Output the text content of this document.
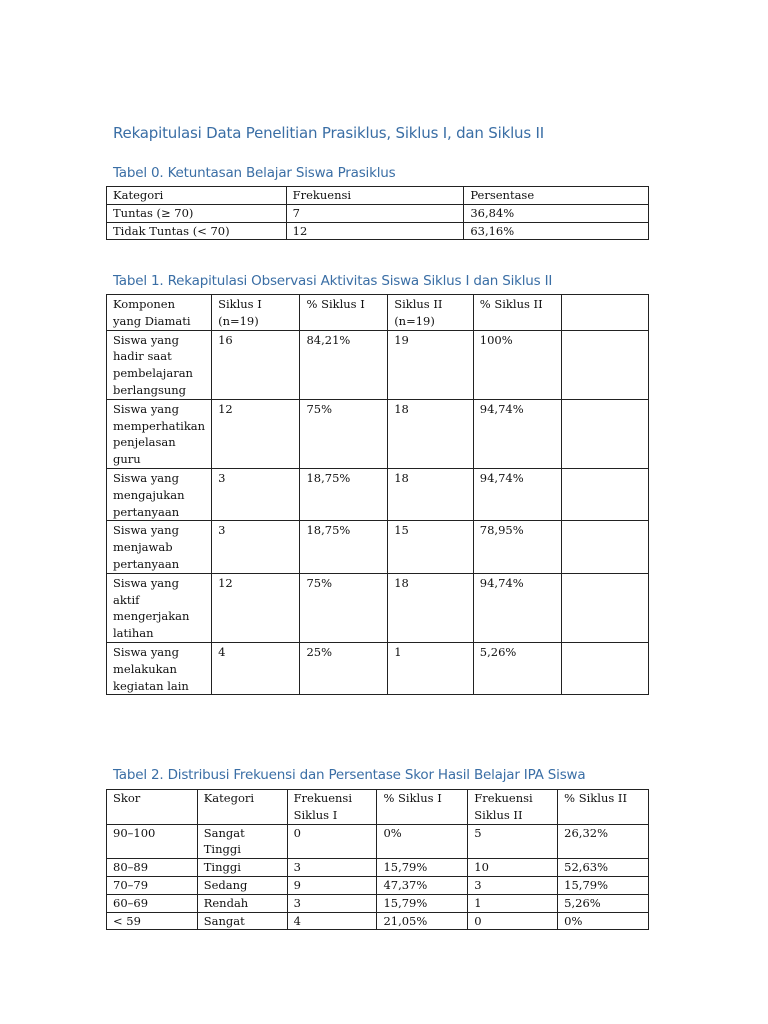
Rekapitulasi Data Penelitian Prasiklus, Siklus I, dan Siklus II
Tabel 0. Ketuntasan Belajar Siswa Prasiklus
Kategori	Frekuensi	Persentase
Tuntas (≥ 70)	7	36,84%
Tidak Tuntas (< 70)	12	63,16%
Tabel 1. Rekapitulasi Observasi Aktivitas Siswa Siklus I dan Siklus II
Komponen yang Diamati	Siklus I (n=19)	% Siklus I	Siklus II (n=19)	% Siklus II	
Siswa yang hadir saat pembelajaran berlangsung	16	84,21%	19	100%	
Siswa yang memperhatikan penjelasan guru	12	75%	18	94,74%	
Siswa yang mengajukan pertanyaan	3	18,75%	18	94,74%	
Siswa yang menjawab pertanyaan	3	18,75%	15	78,95%	
Siswa yang aktif mengerjakan latihan	12	75%	18	94,74%	
Siswa yang melakukan kegiatan lain	4	25%	1	5,26%	
Tabel 2. Distribusi Frekuensi dan Persentase Skor Hasil Belajar IPA Siswa
Skor	Kategori	Frekuensi Siklus I	% Siklus I	Frekuensi Siklus II	% Siklus II
90–100	Sangat Tinggi	0	0%	5	26,32%
80–89	Tinggi	3	15,79%	10	52,63%
70–79	Sedang	9	47,37%	3	15,79%
60–69	Rendah	3	15,79%	1	5,26%
< 59	Sangat	4	21,05%	0	0%
